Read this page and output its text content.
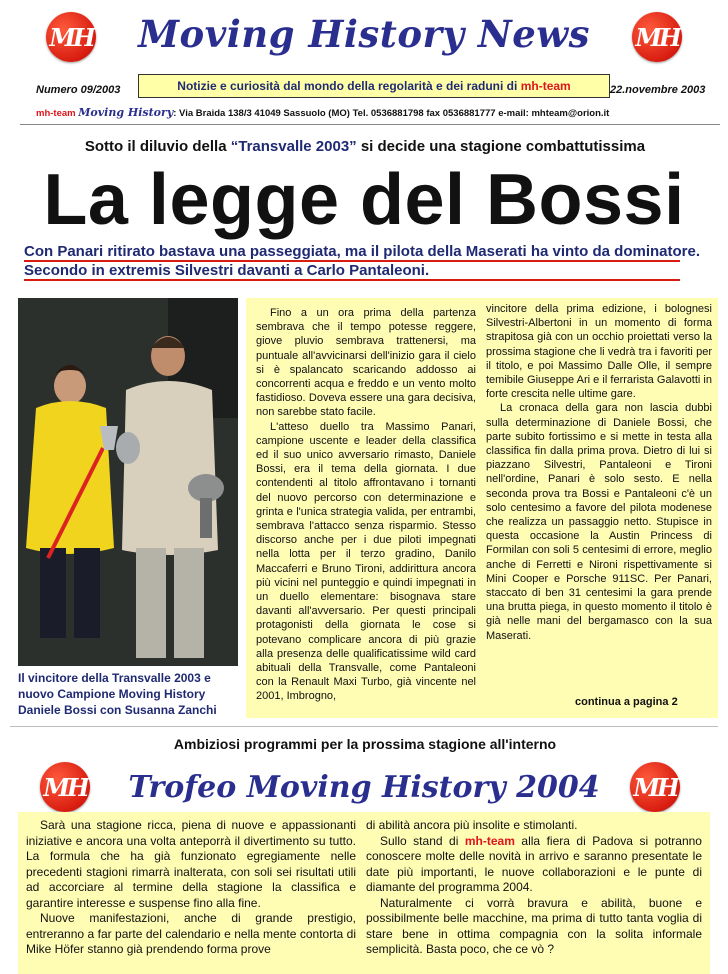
MH	Moving History News	MH
Numero 09/2003	Notizie e curiosità dal mondo della regolarità e dei raduni di
mh-team	22.novembre 2003
mh-team Moving History: Via Braida 138/3 41049 Sassuolo (MO) Tel. 0536881798 fax 0536881777 e-mail: mhteam@orion.it
Sotto il diluvio della “Transvalle 2003” si decide una stagione combattutissima
La legge del Bossi
Con Panari ritirato bastava una passeggiata, ma il pilota della Maserati ha vinto da dominatore. Secondo in extremis Silvestri davanti a Carlo Pantaleoni.
Il vincitore della Transvalle 2003 e nuovo Campione Moving History Daniele Bossi con Susanna Zanchi

Fino a un ora prima della partenza sembrava che il tempo potesse reggere, giove pluvio sembrava trattenersi, ma puntuale all'avvicinarsi dell'inizio gara il cielo si è spalancato scaricando addosso ai concorrenti acqua e freddo e un vento molto fastidioso. Doveva essere una gara decisiva, non sarebbe stato facile.

L'atteso duello tra Massimo Panari, campione uscente e leader della classifica ed il suo unico avversario rimasto, Daniele Bossi, era il tema della giornata. I due contendenti al titolo affrontavano i tornanti del nuovo percorso con determinazione e grinta e l'unica strategia valida, per entrambi, sembrava l'attacco senza risparmio. Stesso discorso anche per i due piloti impegnati nella lotta per il terzo gradino, Danilo Maccaferri e Bruno Tironi, addirittura ancora più vicini nel punteggio e quindi impegnati in un duello elementare: bisognava stare davanti all'avversario. Per questi principali protagonisti della giornata le cose si potevano complicare ancora di più grazie alla presenza delle qualificatissime wild card abituali della Transvalle, come Pantaleoni con la Renault Maxi Turbo, già vincente nel 2001, Imbrogno,

vincitore della prima edizione, i bolognesi Silvestri-Albertoni in un momento di forma strapitosa già con un occhio proiettati verso la prossima stagione che li vedrà tra i favoriti per il titolo, e poi Massimo Dalle Olle, il sempre temibile Giuseppe Ari e il ferrarista Galavotti in forte crescita nelle ultime gare.

La cronaca della gara non lascia dubbi sulla determinazione di Daniele Bossi, che parte subito fortissimo e si mette in testa alla classifica fin dalla prima prova. Dietro di lui si piazzano Silvestri, Pantaleoni e Tironi nell'ordine, Panari è solo sesto. E nella seconda prova tra Bossi e Pantaleoni c'è un solo centesimo a favore del pilota modenese che realizza un passaggio netto. Stupisce in questa occasione la Austin Princess di Formilan con soli 5 centesimi di errore, meglio anche di Ferretti e Nironi rispettivamente si Mini Cooper e Porsche 911SC. Per Panari, staccato di ben 31 centesimi la gara prende una brutta piega, in questo momento il titolo è già nelle mani del bergamasco con la sua Maserati.

continua a pagina 2
Ambiziosi programmi per la prossima stagione all'interno
MH	Trofeo Moving History 2004	MH

Sarà una stagione ricca, piena di nuove e appassionanti iniziative e ancora una volta anteporrà il divertimento su tutto. La formula che ha già funzionato egregiamente nelle precedenti stagioni rimarrà inalterata, con soli sei risultati utili ad accorciare al termine della stagione la classifica e garantire interesse e suspense fino alla fine.

Nuove manifestazioni, anche di grande prestigio, entreranno a far parte del calendario e nella mente contorta di Mike Höfer stanno già prendendo forma prove

di abilità ancora più insolite e stimolanti.

Sullo stand di mh-team alla fiera di Padova si potranno conoscere molte delle novità in arrivo e saranno presentate le date più importanti, le nuove collaborazioni e le punte di diamante del programma 2004.

Naturalmente ci vorrà bravura e abilità, buone e possibilmente belle macchine, ma prima di tutto tanta voglia di stare bene in ottima compagnia con la solita informale semplicità. Basta poco, che ce vò ?
